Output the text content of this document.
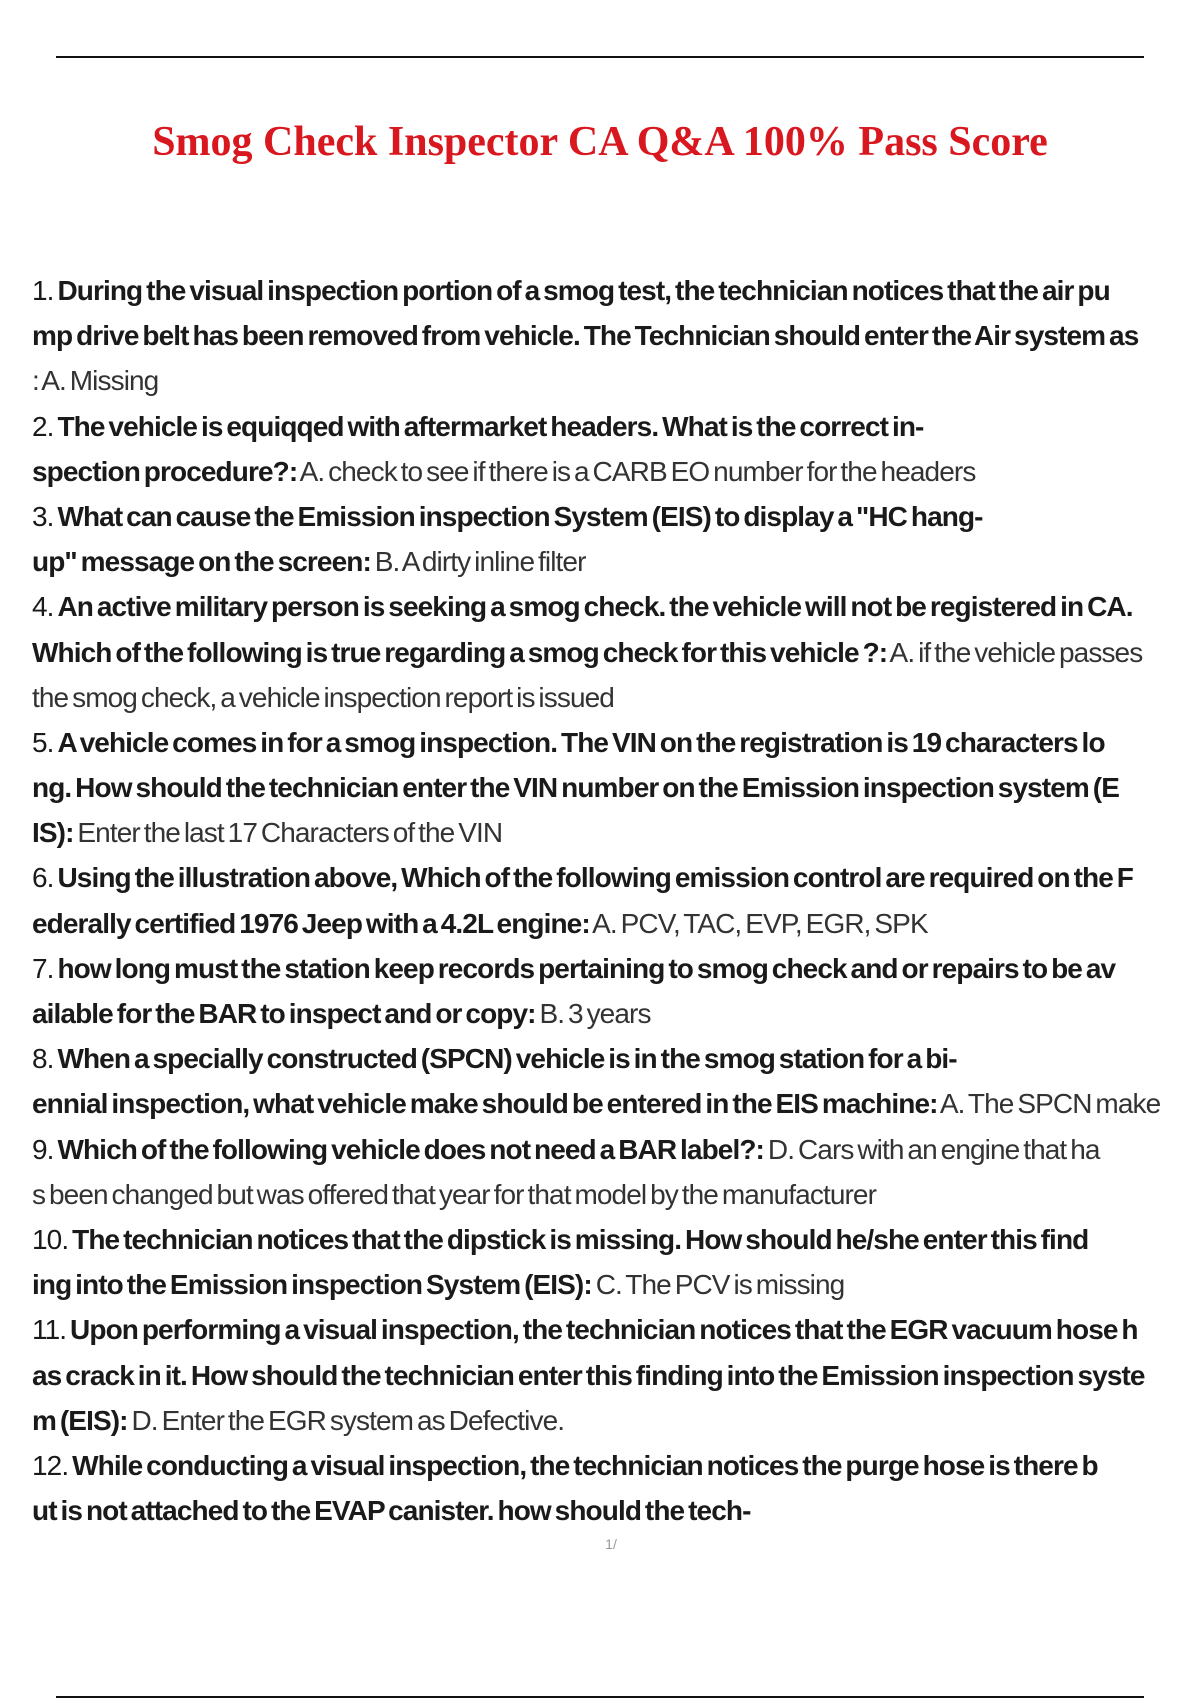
Smog Check Inspector CA Q&A 100% Pass Score
1. During the visual inspection portion of a smog test, the technician notices that the air pu
mp drive belt has been removed from vehicle. The Technician should enter the Air system as
: A. Missing
2. The vehicle is equiqqed with aftermarket headers. What is the correct in-
spection procedure?: A. check to see if there is a CARB EO number for the headers
3. What can cause the Emission inspection System (EIS) to display a "HC hang-
up" message on the screen: B. A dirty inline filter
4. An active military person is seeking a smog check. the vehicle will not be registered in CA.
Which of the following is true regarding a smog check for this vehicle ?: A. if the vehicle passes
the smog check, a vehicle inspection report is issued
5. A vehicle comes in for a smog inspection. The VIN on the registration is 19 characters lo
ng. How should the technician enter the VIN number on the Emission inspection system (E
IS): Enter the last 17 Characters of the VIN
6. Using the illustration above, Which of the following emission control are required on the F
ederally certified 1976 Jeep with a 4.2L engine: A. PCV, TAC, EVP, EGR, SPK
7. how long must the station keep records pertaining to smog check and or repairs to be av
ailable for the BAR to inspect and or copy: B. 3 years
8. When a specially constructed (SPCN) vehicle is in the smog station for a bi-
ennial inspection, what vehicle make should be entered in the EIS machine: A. The SPCN make
9. Which of the following vehicle does not need a BAR label?: D. Cars with an engine that ha
s been changed but was offered that year for that model by the manufacturer
10. The technician notices that the dipstick is missing. How should he/she enter this find
ing into the Emission inspection System (EIS): C. The PCV is missing
11. Upon performing a visual inspection, the technician notices that the EGR vacuum hose h
as crack in it. How should the technician enter this finding into the Emission inspection syste
m (EIS): D. Enter the EGR system as Defective.
12. While conducting a visual inspection, the technician notices the purge hose is there b
ut is not attached to the EVAP canister. how should the tech-
1/
